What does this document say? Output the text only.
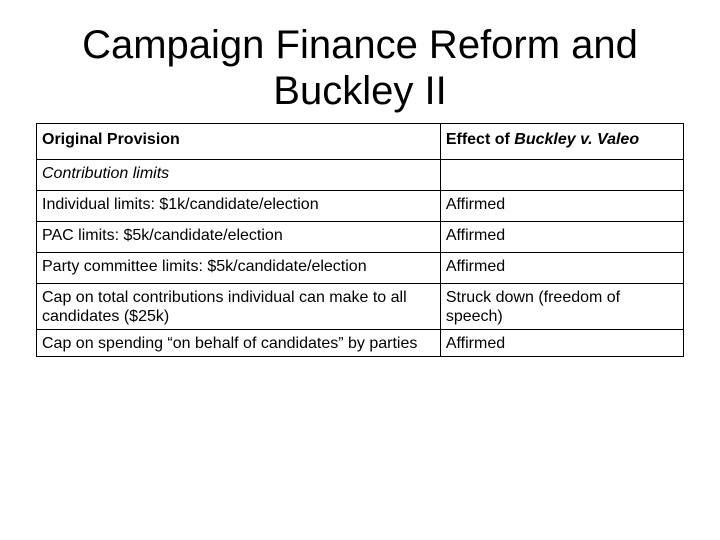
Campaign Finance Reform and
Buckley II
Original Provision	Effect of Buckley v. Valeo
Contribution limits	
Individual limits: $1k/candidate/election	Affirmed
PAC limits: $5k/candidate/election	Affirmed
Party committee limits: $5k/candidate/election	Affirmed
Cap on total contributions individual can make to all candidates ($25k)	Struck down (freedom of speech)
Cap on spending “on behalf of candidates” by parties	Affirmed
